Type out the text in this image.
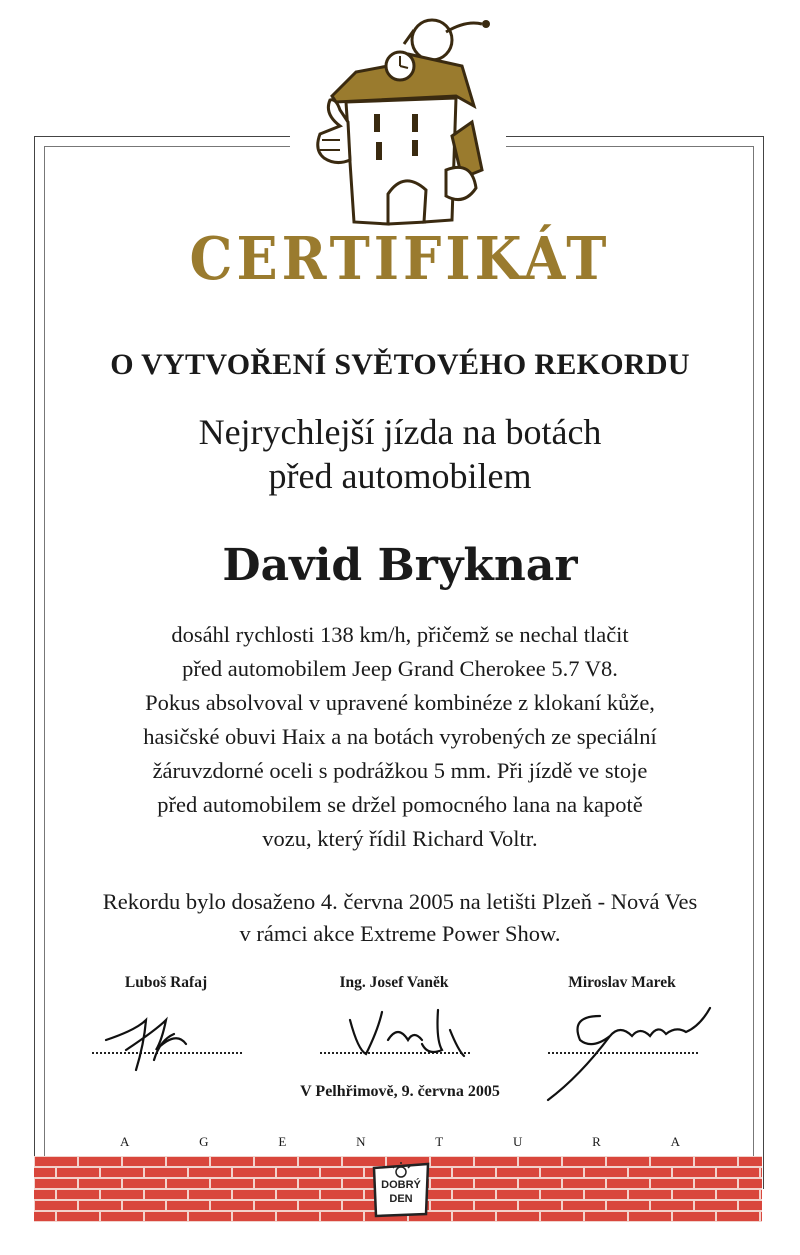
CERTIFIKÁT
O VYTVOŘENÍ SVĚTOVÉHO REKORDU
Nejrychlejší jízda na botách
před automobilem
David Bryknar
dosáhl rychlosti 138 km/h, přičemž se nechal tlačit
před automobilem Jeep Grand Cherokee 5.7 V8.
Pokus absolvoval v upravené kombinéze z klokaní kůže,
hasičské obuvi Haix a na botách vyrobených ze speciální
žáruvzdorné oceli s podrážkou 5 mm. Při jízdě ve stoje
před automobilem se držel pomocného lana na kapotě
vozu, který řídil Richard Voltr.
Rekordu bylo dosaženo 4. června 2005 na letišti Plzeň - Nová Ves
v rámci akce Extreme Power Show.
Luboš Rafaj	Ing. Josef Vaněk	Miroslav Marek
V Pelhřimově, 9. června 2005
A	G	E	N	T	U	R	A
DOBRÝ
DEN
